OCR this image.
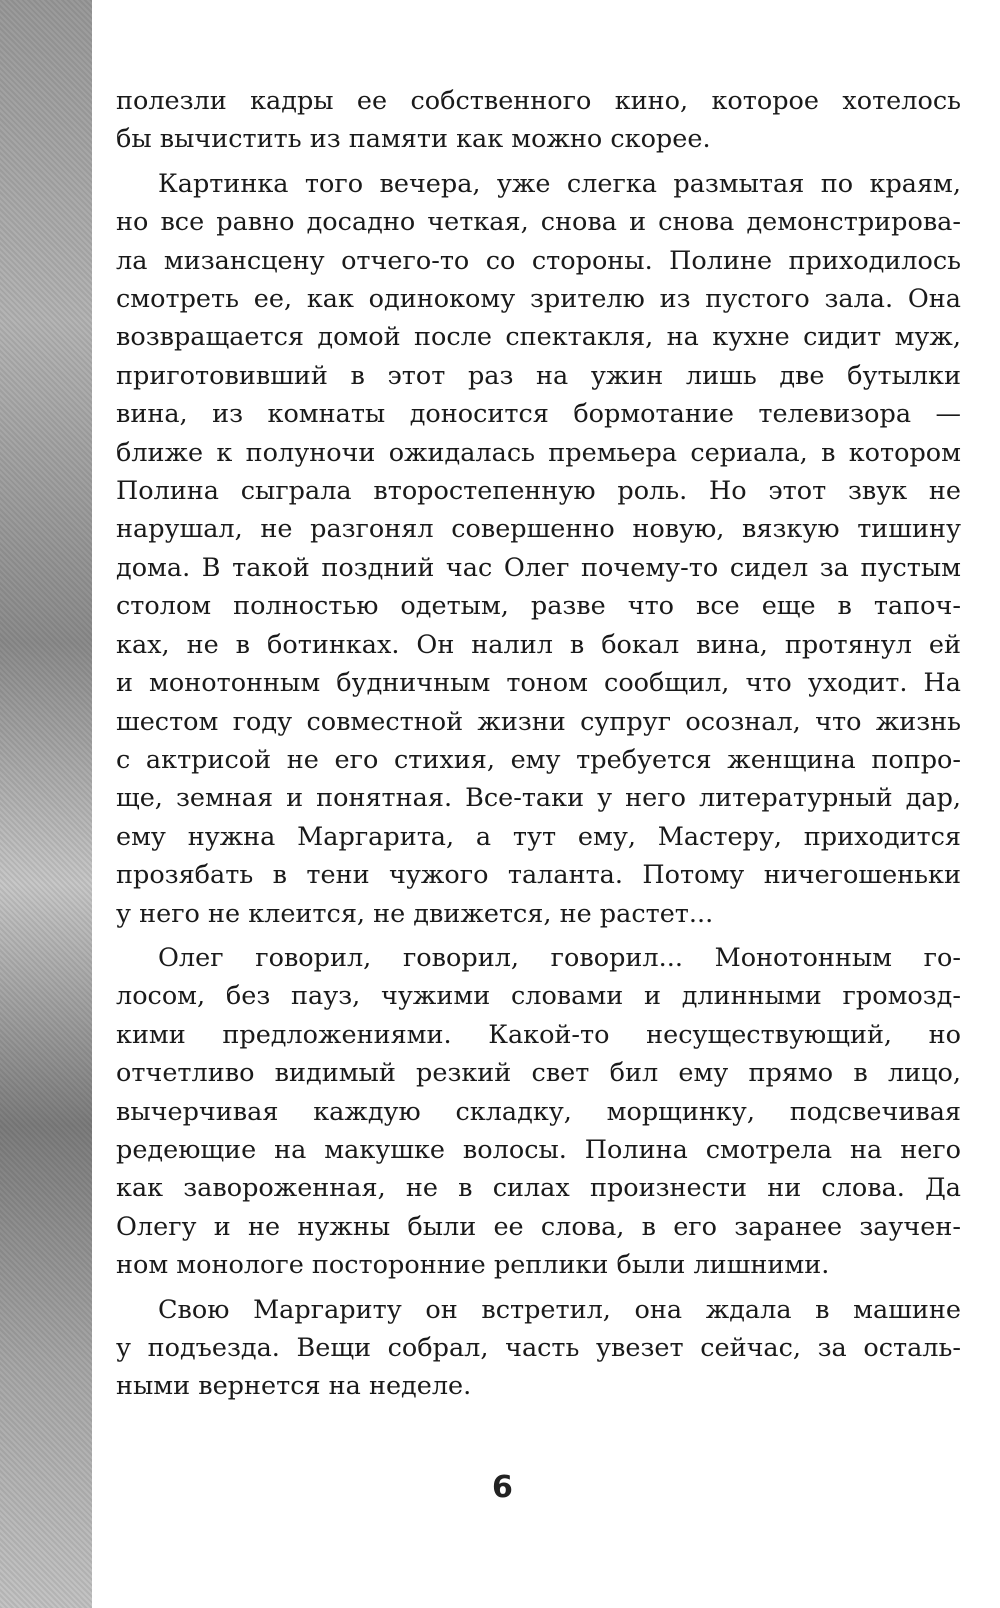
полезли кадры ее собственного кино, которое хотелось
бы вычистить из памяти как можно скорее.
Картинка того вечера, уже слегка размытая по краям,
но все равно досадно четкая, снова и снова демонстрирова-
ла мизансцену отчего-то со стороны. Полине приходилось
смотреть ее, как одинокому зрителю из пустого зала. Она
возвращается домой после спектакля, на кухне сидит муж,
приготовивший в этот раз на ужин лишь две бутылки
вина, из комнаты доносится бормотание телевизора —
ближе к полуночи ожидалась премьера сериала, в котором
Полина сыграла второстепенную роль. Но этот звук не
нарушал, не разгонял совершенно новую, вязкую тишину
дома. В такой поздний час Олег почему-то сидел за пустым
столом полностью одетым, разве что все еще в тапоч-
ках, не в ботинках. Он налил в бокал вина, протянул ей
и монотонным будничным тоном сообщил, что уходит. На
шестом году совместной жизни супруг осознал, что жизнь
с актрисой не его стихия, ему требуется женщина попро-
ще, земная и понятная. Все-таки у него литературный дар,
ему нужна Маргарита, а тут ему, Мастеру, приходится
прозябать в тени чужого таланта. Потому ничегошеньки
у него не клеится, не движется, не растет...
Олег говорил, говорил, говорил... Монотонным го-
лосом, без пауз, чужими словами и длинными громозд-
кими предложениями. Какой-то несуществующий, но
отчетливо видимый резкий свет бил ему прямо в лицо,
вычерчивая каждую складку, морщинку, подсвечивая
редеющие на макушке волосы. Полина смотрела на него
как завороженная, не в силах произнести ни слова. Да
Олегу и не нужны были ее слова, в его заранее заучен-
ном монологе посторонние реплики были лишними.
Свою Маргариту он встретил, она ждала в машине
у подъезда. Вещи собрал, часть увезет сейчас, за осталь-
ными вернется на неделе.
6
